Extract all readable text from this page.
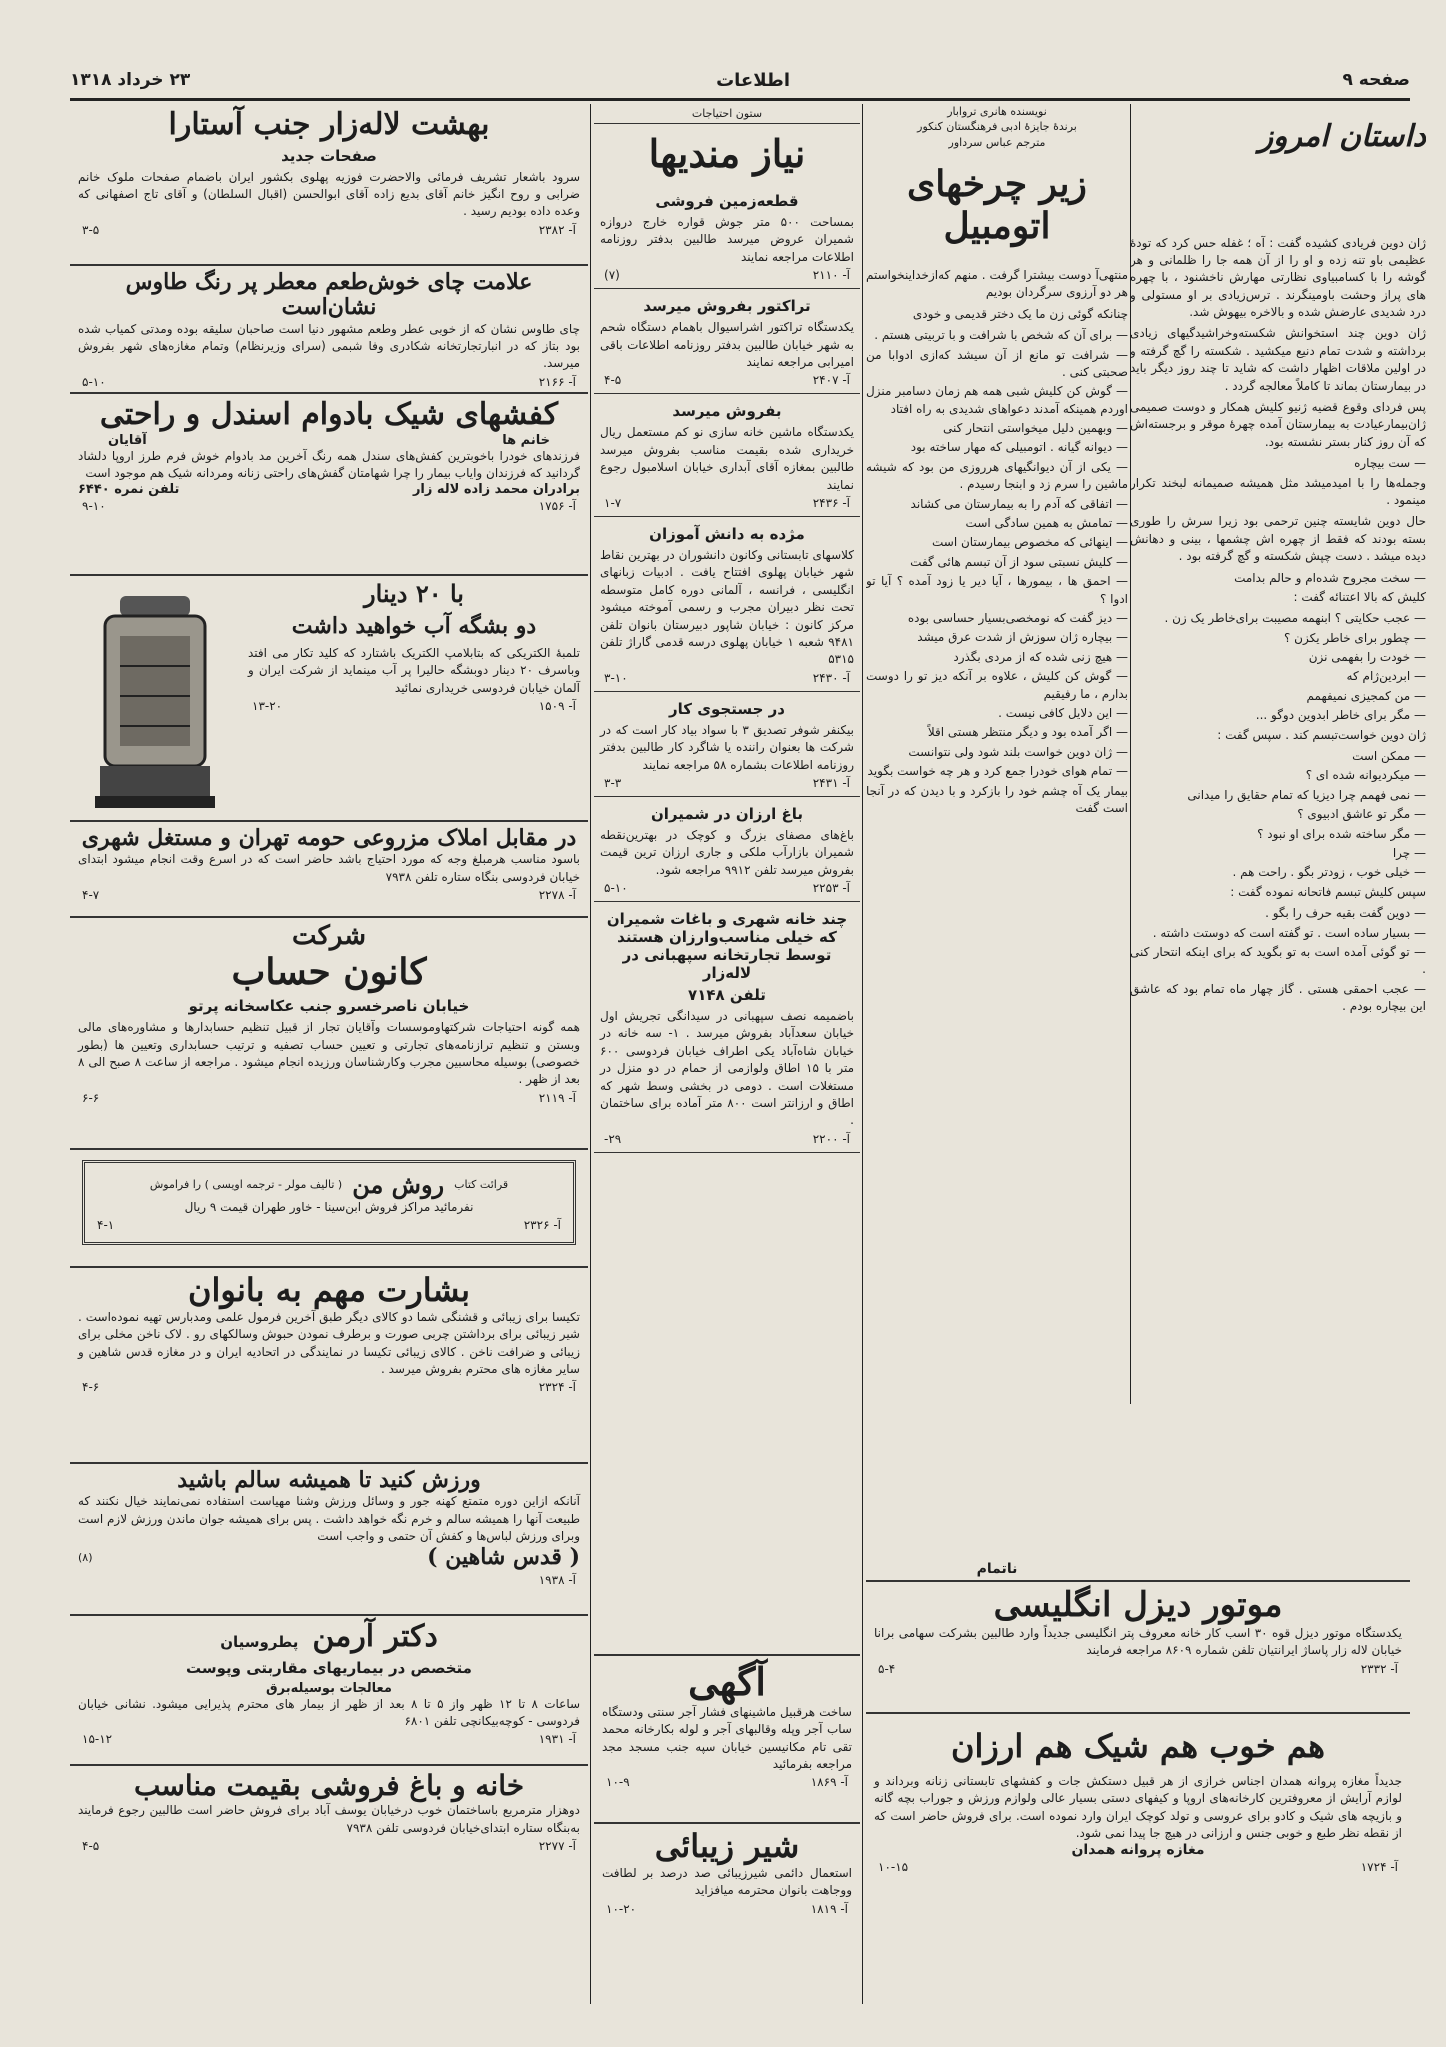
صفحه ۹
اطلاعات
۲۳ خرداد ۱۳۱۸
داستان امروز
ژان دوین فریادی کشیده گفت : آه ؛ غفله حس کرد که تودهٔ عظیمی باو تنه زده و او را از آن همه جا را ظلمانی و هر گوشه را با کسامبیاوی نظارتی مهارش ناخشنود ، با چهره های پراز وحشت باومینگرند . ترس‌زیادی بر او مستولی و درد شدیدی عارضش شده و بالاخره بیهوش شد.
ژان دوین چند استخوانش شکسته‌وخراشیدگیهای زیادی برداشته و شدت تمام دنیع میکشید . شکسته را گچ گرفته و در اولین ملاقات اظهار داشت که شاید تا چند روز دیگر باید در بیمارستان بماند تا کاملاً معالجه گردد .
پس فردای وقوع قضیه ژنیو کلیش همکار و دوست صمیمی ژان‌بیمارعیادت به بیمارستان آمده چهرهٔ موقر و برجسته‌اش که آن روز کنار بستر نشسته بود.
— ست بیچاره
وجمله‌ها را با امیدمیشد مثل همیشه صمیمانه لبخند تکرار مینمود .
حال دوین شایسته چنین ترحمی بود زیرا سرش را طوری بسته بودند که فقط از چهره اش چشمها ، بینی و دهانش دیده میشد . دست چپش شکسته‌ و گچ گرفته بود .
— سخت مجروح شده‌ام و حالم بدامت
کلیش که بالا اعتنائه گفت :
— عجب حکایتی ؟ ابنهمه‌ مصیبت برای‌خاطر یک زن .
— چطور برای خاطر یکزن ؟
— خودت را بفهمی نزن
— ابردین‌ژ‌ام که
— من کمجیزی نمیفهمم
— مگر برای خاطر ابدوین دوگو ...
ژان دوین خواست‌تبسم کند . سپس گفت :
— ممکن است
— میکردیوانه شده ای ؟
— نمی فهمم چرا دیزیا که تمام حقایق را میدانی
— مگر تو عاشق ادبیوی ؟
— مگر ساخته شده برای او نبود ؟
— چرا
— خیلی خوب ، زودتر بگو . راحت هم .
سپس کلیش تبسم فاتحانه نموده گفت :
— دوین گفت بقیه حرف را بگو .
— بسیار ساده است . تو گفته است که دوستت داشته .
— تو گوئی آمده است به تو بگوید که برای اینکه انتحار کنی .
— عجب احمقی هستی . گاز چهار ماه تمام بود که عاشق این بیچاره بودم .
نویسنده هانری تروابار
برندهٔ جایزهٔ ادبی فرهنگستان کنکور
مترجم عباس سرداور
زیر چرخهای اتومبیل
منتهی‌آ دوست بیشترا گرفت . منهم که‌از‌خداینخواستم‌ هر دو آرزوی سرگردان بودیم
چنانکه گوئی زن ما یک دختر قدیمی و خودی
— برای آن که شخص با شرافت و با تربیتی هستم .
— شرافت تو مانع از آن سیشد که‌ازی ادوابا من صحبتی کنی .
— گوش کن کلیش شبی همه هم زمان دسامبر منزل اوردم همینکه آمدند‌ دعواهای شدیدی به راه افتاد
— وبهمین دلیل میخواستی انتحار کنی
— دیوانه گیانه . اتومبیلی که مهار ساخته بود
— یکی از آن دیوانگیهای هرروزی من بود که شیشه ماشین را سرم زد و ابنجا رسیدم .
— اتفاقی که آدم را به بیمارستان می کشاند
— تمامش به همین سادگی است
— اینهائی که مخصوص بیمارستان است
— کلیش نسبتی سود از آن تبسم هائی گفت
— احمق ها ، بیمورها ، آیا دیر یا زود آمده ؟ آیا تو ادوا ؟
— دیز گفت که نومخصی‌بسیار حساسی بوده
— بیچاره ژان سوزش از شدت عرق‌ میشد
— هیچ زنی شده که از مردی بگذرد
— گوش کن کلیش ، علاوه بر آنکه دیز تو را دوست بدارم ، ما رفیقیم
— این دلایل کافی نیست .
— اگر آمده بود و دیگر منتظر هستی اقلاً
— ژان دوین خواست بلند شود ولی نتوانست
— تمام‌ هوای خودرا جمع کرد و هر چه خواست بگوید
بیمار یک‌ آه چشم خود را بازکرد و با دیدن که در آنجا است گفت
ناتمام
موتور دیزل انگلیسی
یکدستگاه موتور دیزل قوه ۳۰ اسب کار خانه معروف پتر انگلیسی جدیداً وارد طالبین بشرکت سهامی برانا خیابان لاله زار پاساژ ایرانتیان تلفن شماره ۸۶۰۹ مراجعه فرمایند
آ- ۲۳۳۲
۵-۴
هم خوب هم شیک هم ارزان
جدیداً مغازه پروانه همدان اجناس خرازی از هر قبیل دستکش جات و کفشهای تابستانی زنانه وبرداند و لوازم آرایش از معروفترین کارخانه‌های اروپا و کیفهای دستی بسیار عالی ولوازم ورزش و جوراب بچه گانه و بازیچه های شیک و کادو برای عروسی و تولد کوچک ایران وارد نموده است. برای فروش حاضر است که از نقطه نظر طبع و خوبی جنس و ارزانی در هیچ جا پیدا نمی شود.
مغازه پروانه همدان
آ- ۱۷۲۴
۱۰-۱۵
ستون احتیاجات
نیاز مندیها
قطعه‌زمین فروشی
بمساحت ۵۰۰ متر جوش قواره خارج دروازه شمیران عروض میرسد طالبین بدفتر روزنامه اطلاعات مراجعه نمایند
آ- ۲۱۱۰
(۷)
تراکتور بفروش میرسد
یکدستگاه تراکتور اشراسیوال باهمام دستگاه شحم به شهر خیابان طالبین بدفتر روزنامه اطلاعات باقی امیرابی مراجعه نمایند
آ- ۲۴۰۷
۴-۵
بفروش میرسد
یکدستگاه ماشین خانه سازی نو کم‌ مستعمل ریال خریداری شده بقیمت مناسب بفروش میرسد طالبین بمغازه آقای آبداری خیابان اسلامبول رجوع نمایند
آ- ۲۴۳۶
۱-۷
مژده به دانش آموزان
کلاسهای تابستانی وکانون دانشوران در بهترین نقاط شهر خیابان پهلوی افتتاح یافت . ادبیات زبانهای انگلیسی ، فرانسه ، آلمانی دوره کامل متوسطه تحت نظر دبیران مجرب و رسمی آموخته میشود مرکز کانون : خیابان شاپور دبیرستان بانوان تلفن ۹۴۸۱ شعبه ۱ خیابان پهلوی درسه قدمی گاراژ تلفن ۵۳۱۵
آ- ۲۴۳۰
۳-۱۰
در جستجوی کار
بیکنفر شوفر تصدیق ۳ با سواد بیاد کار است که در شرکت ها بعنوان راننده یا شاگرد کار طالبین بدفتر روزنامه اطلاعات بشماره ۵۸ مراجعه نمایند
آ- ۲۴۳۱
۳-۳
باغ ارزان در شمیران
باغ‌های مصفای بزرگ و کوچک در بهترین‌نقطه شمیران بازارآب ملکی و جاری ارزان ترین قیمت بفروش میرسد تلفن ۹۹۱۲ مراجعه شود.
آ- ۲۲۵۳
۵-۱۰
چند خانه شهری و باغات شمیران که خیلی مناسب‌وارزان هستند توسط تجارتخانه سپهبانی در لاله‌زار
تلفن ۷۱۴۸
باضمیمه نصف‌ سپهبانی در سیدانگی تجریش اول خیابان سعدآباد بفروش میرسد . ۱- سه خانه در خیابان شاه‌آباد یکی اطراف خیابان فردوسی ۶۰۰ متر با ۱۵ اطاق ولوازمی از حمام در دو منزل در مستغلات است . دومی در بخشی وسط شهر که اطاق و ارزانتر است ۸۰۰ متر آماده برای ساختمان .
آ- ۲۲۰۰
۲۹-
آگهی
ساخت هرقبیل ماشینهای فشار آجر سنتی ودستگاه ساب آجر وپله وقالبهای آجر و لوله بکارخانه محمد تقی تام مکانیسین خیابان سپه جنب مسجد مجد مراجعه بفرمائید
آ- ۱۸۶۹
۱۰-۹
شیر زیبائی
استعمال دائمی شیرزیبائی صد درصد بر لطافت ووجاهت بانوان محترمه میافزاید
آ- ۱۸۱۹
۱۰-۲۰
بهشت لاله‌زار جنب آستارا
صفحات جدید
سرود باشعار تشریف فرمائی والاحضرت فوزیه پهلوی بکشور ایران باضمام صفحات ملوک خانم ضرابی و روح انگیز خانم آقای بدیع زاده آقای ابوالحسن (اقبال السلطان) و آقای تاج اصفهانی که وعده داده بودیم رسید .
آ- ۲۳۸۲
۳-۵
علامت چای خوش‌طعم معطر پر رنگ طاوس نشان‌است
چای طاوس نشان که از خوبی عطر وطعم مشهور دنیا است صاحبان سلیقه بوده ومدتی کمیاب شده بود بتاز که در انبارتجارتخانه شکادری وفا شبمی (سرای وزیرنظام) وتمام مغازه‌های شهر بفروش میرسد.
آ- ۲۱۶۶
۵-۱۰
کفشهای شیک بادوام‌ اسندل و راحتی
خانم ها
آقایان
فرزندهای خودرا باخوبترین کفش‌های سندل همه رنگ آخرین مد بادوام خوش فرم طرز اروپا دلشاد گردانید که فرزندان وایاب بیمار را چرا شهامتان گفش‌های راحتی زنانه ومردانه شیک هم موجود است
برادران محمد زاده لاله زار
تلفن نمره ۶۴۴۰
آ- ۱۷۵۶
۹-۱۰
با ۲۰ دینار
دو بشگه آب خواهید داشت
تلمبهٔ الکتریکی که بتابلامپ الکتریک باشتارد که کلید تکار می افتد وباسرف ۲۰ دینار دوبشگه حالیرا پر آب مینماید از شرکت ایران و آلمان خیابان فردوسی خریداری نمائید
آ- ۱۵۰۹
۱۳-۲۰
در مقابل املاک مزروعی حومه تهران و مستغل شهری
باسود مناسب هرمبلغ وجه که مورد احتیاج باشد حاضر است که در اسرع وقت انجام میشود ابتدای خیابان فردوسی بنگاه ستاره تلفن ۷۹۳۸
آ- ۲۲۷۸
۴-۷
شرکت
کانون حساب
خیابان ناصرخسرو جنب عکاسخانه پرتو
همه گونه احتیاجات شرکتها‌وموسسات وآقایان تجار از قبیل تنظیم حسابدارها و مشاوره‌های مالی وبستن و تنظیم ترازنامه‌های تجارتی و تعیین حساب تصفیه و ترتیب حسابداری وتعیین ها (بطور خصوصی) بوسیله محاسبین مجرب وکارشناسان ورزیده انجام میشود . مراجعه از ساعت ۸ صبح الی ۸ بعد از ظهر .
آ- ۲۱۱۹
۶-۶
قرائت کتاب
روش من
( تالیف مولر - ترجمه اویسی ) را فراموش
نفرمائید مراکز فروش ابن‌سینا - خاور طهران قیمت ۹ ریال
آ- ۲۳۲۶
۴-۱
بشارت مهم به بانوان
تکیسا برای‌ زیبائی و قشنگی‌ شما دو کالای‌ دیگر طبق آخرین‌ فرمول علمی‌ ومدبارس‌ تهیه‌ نموده‌است . شیر زیبائی برای برداشتن چربی صورت و برطرف نمودن حبوش وسالکهای رو . لاک ناخن مخلی برای زیبائی و ضرافت ناخن . کالای زیبائی تکیسا در نمایندگی در اتحادیه ایران و در مغازه قدس شاهین و سایر مغازه های محترم بفروش میرسد .
آ- ۲۳۲۴
۴-۶
ورزش کنید تا همیشه سالم باشید
آنانکه ازاین دوره متمتع کهنه جور و وسائل ورزش وشنا مهیاست استفاده نمی‌نمایند خیال نکنند که طبیعت آنها را همیشه سالم و خرم نگه خواهد داشت . پس برای همیشه جوان ماندن ورزش لازم است وبرای ورزش لباس‌ها و کفش آن حتمی و واجب است
( قدس شاهین )
(۸)
آ- ۱۹۳۸
دکتر آرمن
پطروسیان
متخصص در بیماریهای مقاربتی وپوست
معالجات بوسیله‌برق
ساعات ۸ تا ۱۲ ظهر واز ۵ تا ۸ بعد از ظهر از بیمار های محترم پذیرایی میشود. نشانی خیابان فردوسی - کوچه‌بیکانچی تلفن ۶۸۰۱
آ- ۱۹۳۱
۱۵-۱۲
خانه و باغ فروشی بقیمت مناسب
دو‌هزار مترمربع باساختمان خوب درخیابان یوسف آباد برای فروش حاضر است طالبین رجوع فرمایند به‌بنگاه ستاره ابتدای‌خیابان فردوسی تلفن ۷۹۳۸
آ- ۲۲۷۷
۴-۵
